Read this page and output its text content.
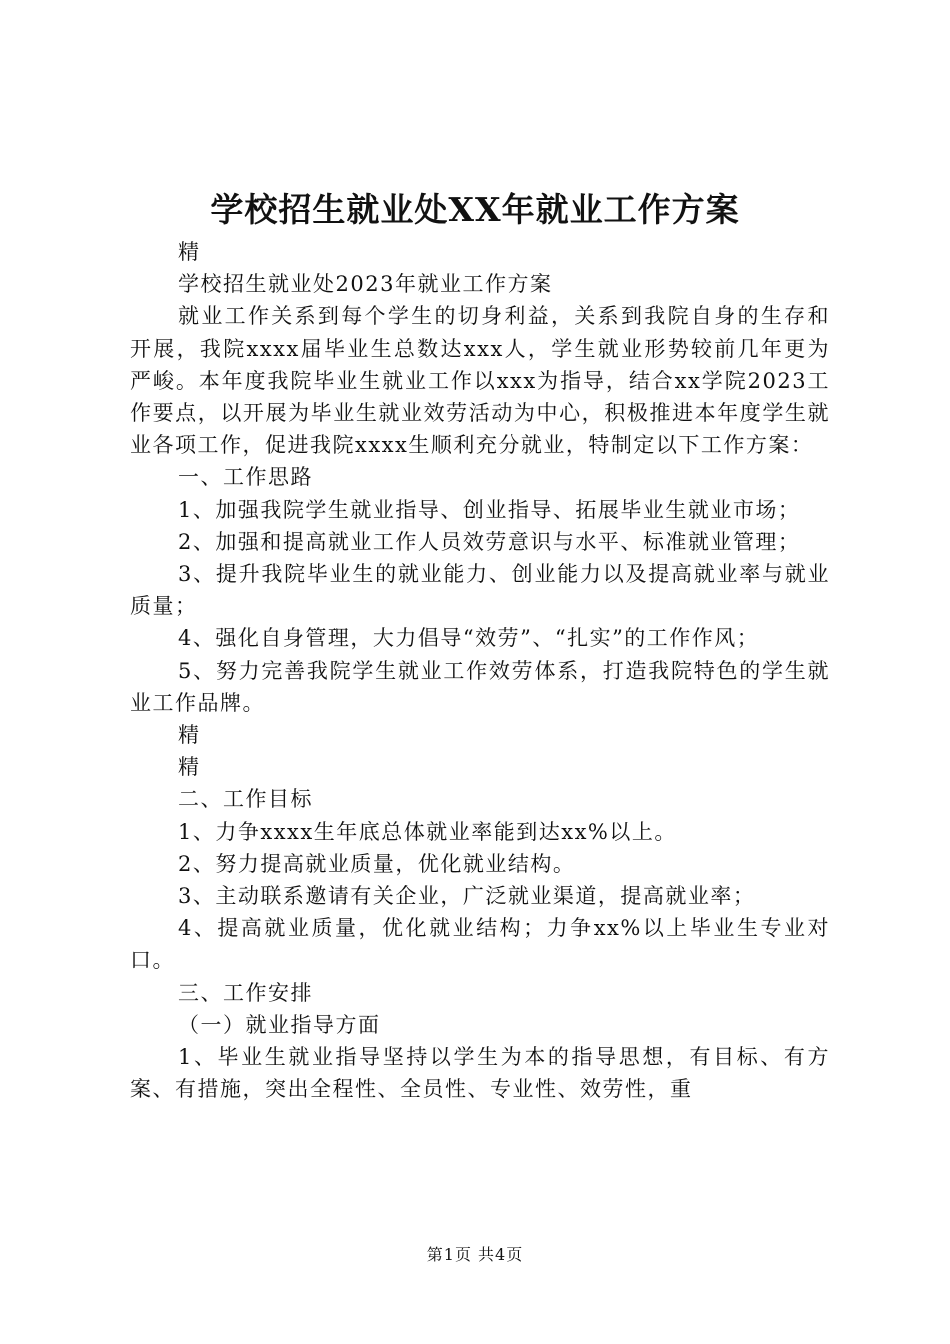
学校招生就业处XX年就业工作方案

精

学校招生就业处2023年就业工作方案

就业工作关系到每个学生的切身利益，关系到我院自身的生存和开展，我院xxxx届毕业生总数达xxx人，学生就业形势较前几年更为严峻。本年度我院毕业生就业工作以xxx为指导，结合xx学院2023工作要点，以开展为毕业生就业效劳活动为中心，积极推进本年度学生就业各项工作，促进我院xxxx生顺利充分就业，特制定以下工作方案：

一、工作思路

1、加强我院学生就业指导、创业指导、拓展毕业生就业市场；

2、加强和提高就业工作人员效劳意识与水平、标准就业管理；

3、提升我院毕业生的就业能力、创业能力以及提高就业率与就业质量；

4、强化自身管理，大力倡导“效劳”、“扎实”的工作作风；

5、努力完善我院学生就业工作效劳体系，打造我院特色的学生就业工作品牌。

精

精

二、工作目标

1、力争xxxx生年底总体就业率能到达xx%以上。

2、努力提高就业质量，优化就业结构。

3、主动联系邀请有关企业，广泛就业渠道，提高就业率；

4、提高就业质量，优化就业结构；力争xx%以上毕业生专业对口。

三、工作安排

（一）就业指导方面

1、毕业生就业指导坚持以学生为本的指导思想，有目标、有方案、有措施，突出全程性、全员性、专业性、效劳性，重

第1页 共4页
